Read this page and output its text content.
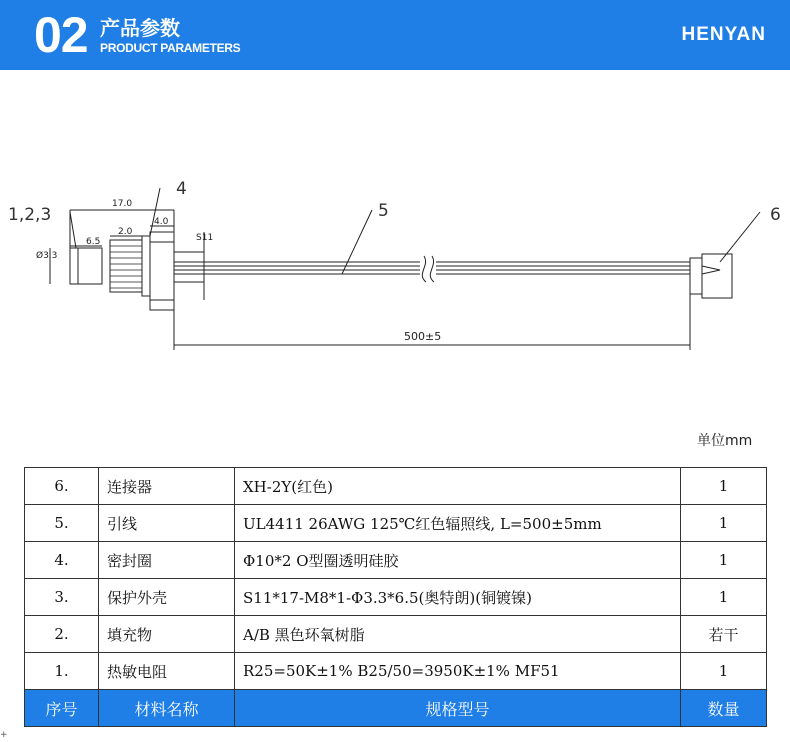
02 产品参数
PRODUCT PARAMETERS
HENYAN
17.0
6.5
2.0
4.0
S11
Ø3.3
500±5
1,2,3
4
5	6
单位mm
6.	连接器	XH-2Y(红色)	1
5.	引线	UL4411 26AWG 125℃红色辐照线, L=500±5mm	1
4.	密封圈	Φ10*2 O型圈透明硅胶	1
3.	保护外壳	S11*17-M8*1-Φ3.3*6.5(奥特朗)(铜镀镍)	1
2.	填充物	A/B 黑色环氧树脂	若干
1.	热敏电阻	R25=50K±1% B25/50=3950K±1% MF51	1
序号	材料名称	规格型号	数量
+
